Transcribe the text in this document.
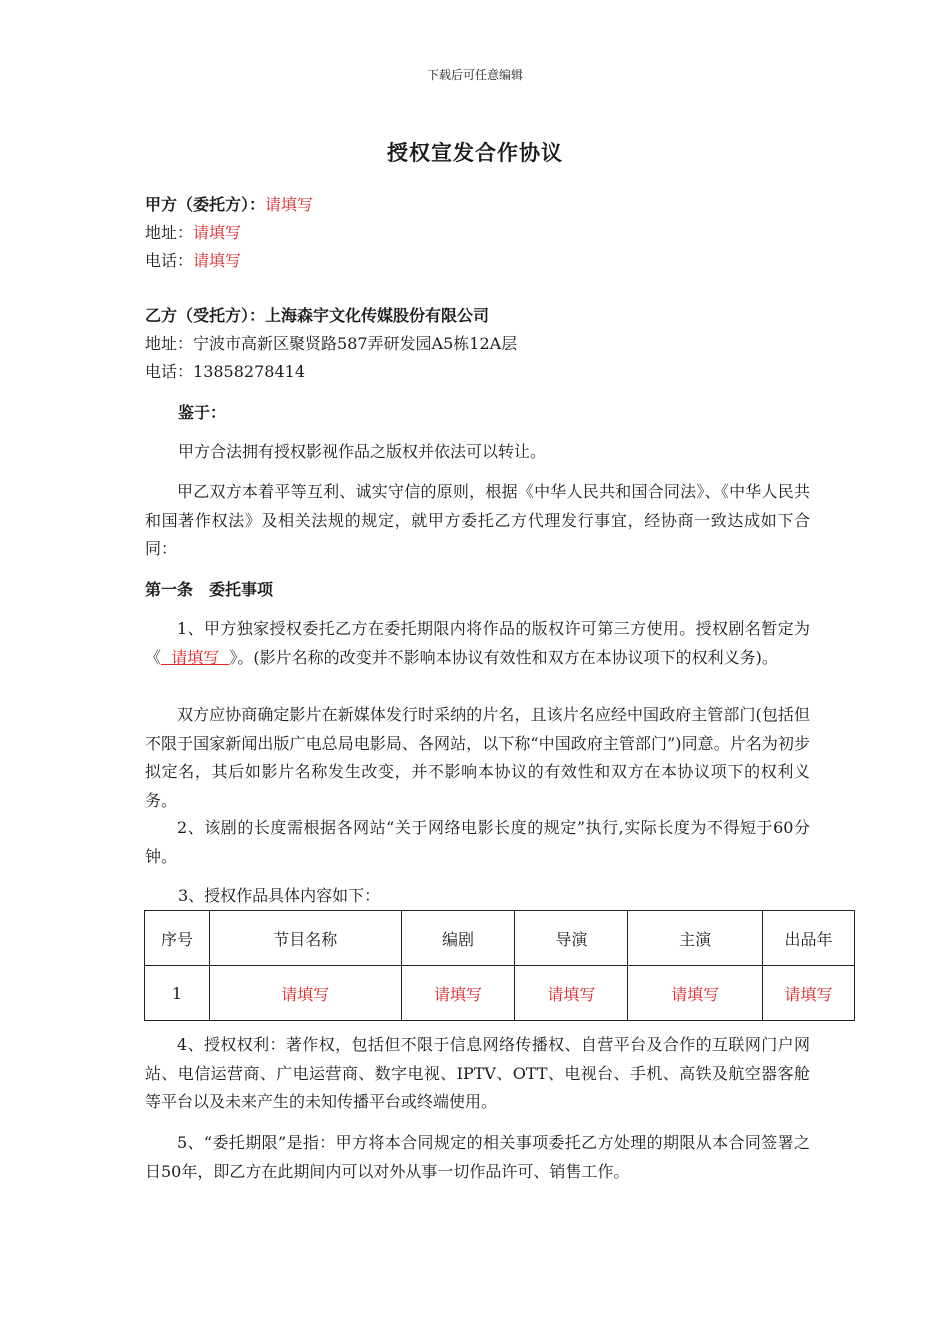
下载后可任意编辑
授权宣发合作协议
甲方（委托方）：请填写
地址：请填写
电话：请填写
乙方（受托方）：上海森宇文化传媒股份有限公司
地址：宁波市高新区聚贤路587弄研发园A5栋12A层
电话：13858278414
鉴于：
甲方合法拥有授权影视作品之版权并依法可以转让。
甲乙双方本着平等互利、诚实守信的原则，根据《中华人民共和国合同法》、《中华人民共和国著作权法》及相关法规的规定，就甲方委托乙方代理发行事宜，经协商一致达成如下合同：
第一条　委托事项
1、甲方独家授权委托乙方在委托期限内将作品的版权许可第三方使用。授权剧名暂定为《  请填写  》。(影片名称的改变并不影响本协议有效性和双方在本协议项下的权利义务)。
双方应协商确定影片在新媒体发行时采纳的片名，且该片名应经中国政府主管部门(包括但不限于国家新闻出版广电总局电影局、各网站，以下称“中国政府主管部门”)同意。片名为初步拟定名，其后如影片名称发生改变，并不影响本协议的有效性和双方在本协议项下的权利义务。
2、该剧的长度需根据各网站“关于网络电影长度的规定”执行,实际长度为不得短于60分钟。
3、授权作品具体内容如下：
序号	节目名称	编剧	导演	主演	出品年
1	请填写	请填写	请填写	请填写	请填写
4、授权权利：著作权，包括但不限于信息网络传播权、自营平台及合作的互联网门户网站、电信运营商、广电运营商、数字电视、IPTV、OTT、电视台、手机、高铁及航空器客舱等平台以及未来产生的未知传播平台或终端使用。
5、“委托期限”是指：甲方将本合同规定的相关事项委托乙方处理的期限从本合同签署之日50年，即乙方在此期间内可以对外从事一切作品许可、销售工作。
